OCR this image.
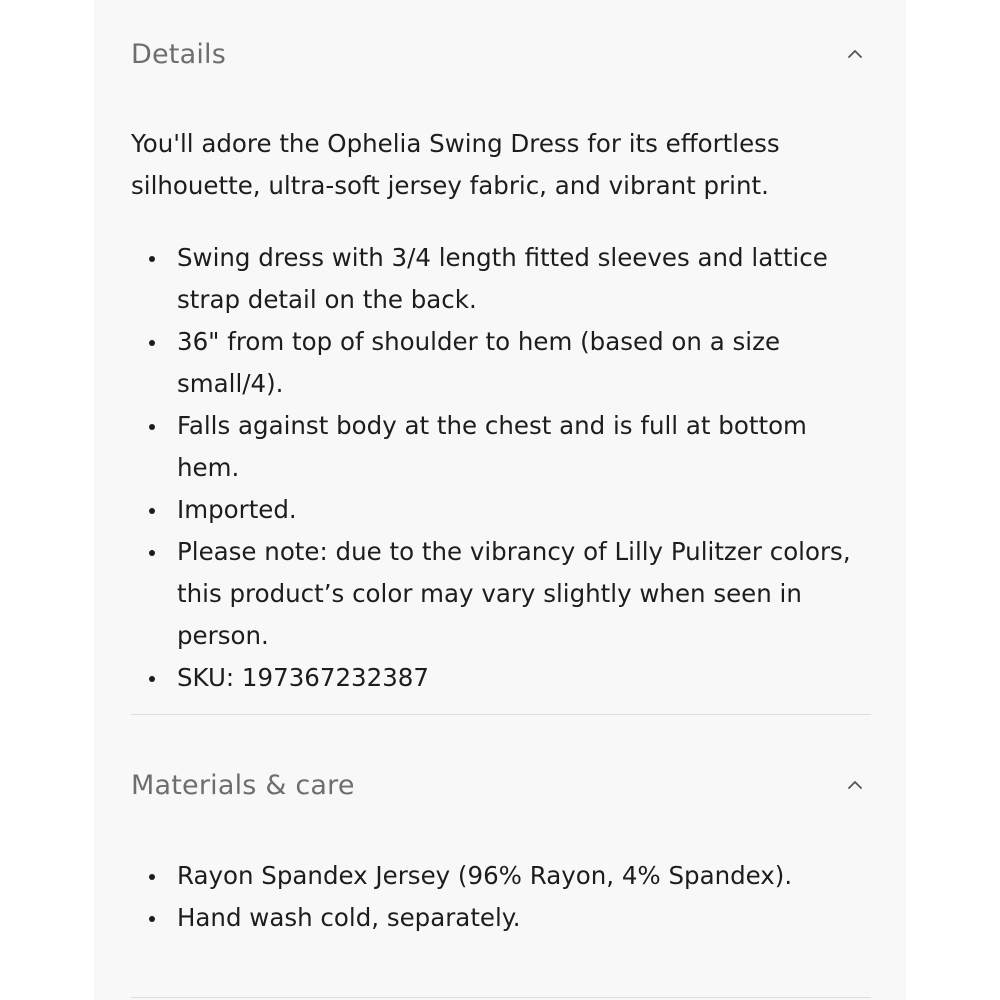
Details

You'll adore the Ophelia Swing Dress for its effortless silhouette, ultra-soft jersey fabric, and vibrant print.

Swing dress with 3/4 length fitted sleeves and lattice strap detail on the back.
36" from top of shoulder to hem (based on a size small/4).
Falls against body at the chest and is full at bottom hem.
Imported.
Please note: due to the vibrancy of Lilly Pulitzer colors, this product’s color may vary slightly when seen in person.
SKU: 197367232387
Materials & care
Rayon Spandex Jersey (96% Rayon, 4% Spandex).
Hand wash cold, separately.
